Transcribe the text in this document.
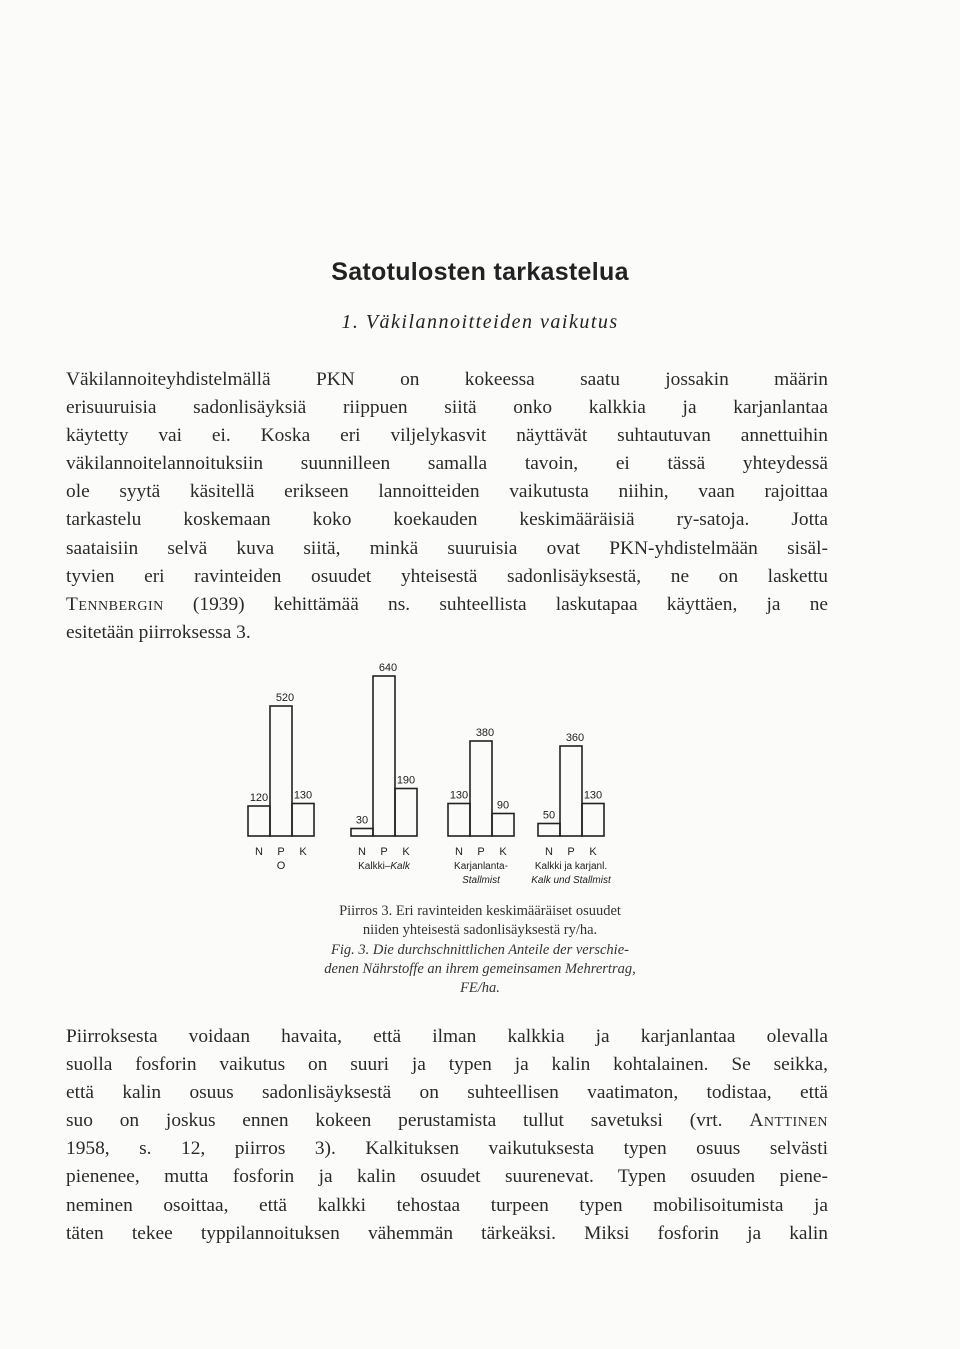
Satotulosten tarkastelua

1. Väkilannoitteiden vaikutus

Väkilannoiteyhdistelmällä PKN on kokeessa saatu jossakin määrin
erisuuruisia sadonlisäyksiä riippuen siitä onko kalkkia ja karjanlantaa
käytetty vai ei. Koska eri viljelykasvit näyttävät suhtautuvan annettuihin
väkilannoitelannoituksiin suunnilleen samalla tavoin, ei tässä yhteydessä
ole syytä käsitellä erikseen lannoitteiden vaikutusta niihin, vaan rajoittaa
tarkastelu koskemaan koko koekauden keskimääräisiä ry-satoja. Jotta
saataisiin selvä kuva siitä, minkä suuruisia ovat PKN-yhdistelmään sisäl-
tyvien eri ravinteiden osuudet yhteisestä sadonlisäyksestä, ne on laskettu
Tennbergin (1939) kehittämää ns. suhteellista laskutapaa käyttäen, ja ne
esitetään piirroksessa 3.
120
N
520
P
130
K
O
30
N
640
P
190
K
Kalkki–Kalk
130
N
380
P
90
K
Karjanlanta-
Stallmist
50
N
360
P
130
K
Kalkki ja karjanl.
Kalk und Stallmist
Piirros 3. Eri ravinteiden keskimääräiset osuudet
niiden yhteisestä sadonlisäyksestä ry/ha.
Fig. 3. Die durchschnittlichen Anteile der verschie-
denen Nährstoffe an ihrem gemeinsamen Mehrertrag,
FE/ha.
Piirroksesta voidaan havaita, että ilman kalkkia ja karjanlantaa olevalla
suolla fosforin vaikutus on suuri ja typen ja kalin kohtalainen. Se seikka,
että kalin osuus sadonlisäyksestä on suhteellisen vaatimaton, todistaa, että
suo on joskus ennen kokeen perustamista tullut savetuksi (vrt. Anttinen
1958, s. 12, piirros 3). Kalkituksen vaikutuksesta typen osuus selvästi
pienenee, mutta fosforin ja kalin osuudet suurenevat. Typen osuuden piene-
neminen osoittaa, että kalkki tehostaa turpeen typen mobilisoitumista ja
täten tekee typpilannoituksen vähemmän tärkeäksi. Miksi fosforin ja kalin
